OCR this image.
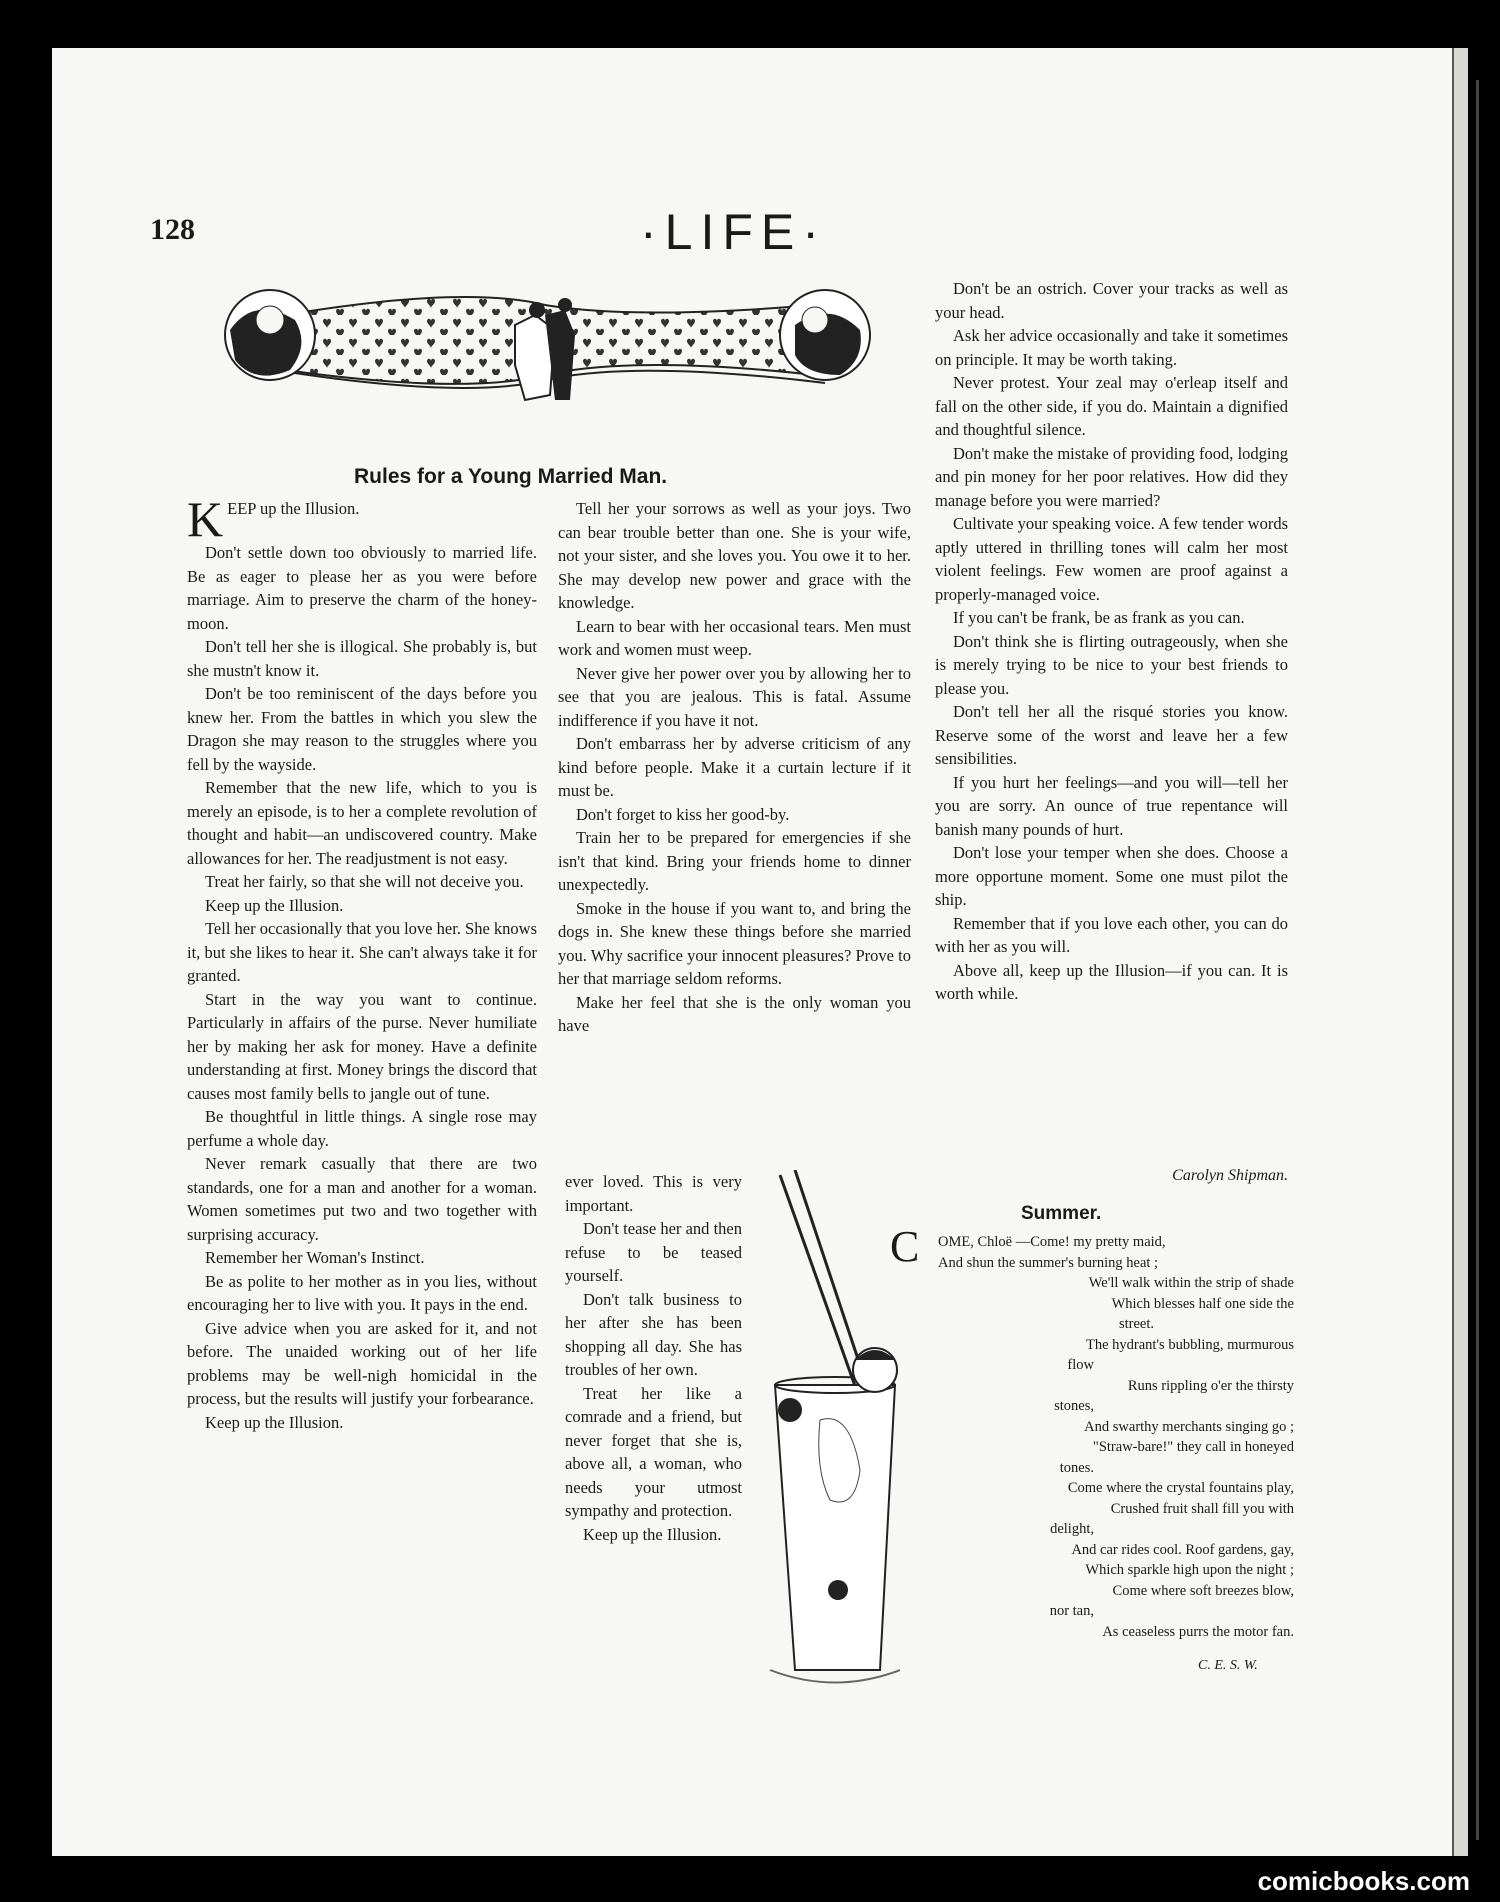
128	·LIFE·
Rules for a Young Married Man.
K EEP up the Illusion.

Don't settle down too obviously to married life. Be as eager to please her as you were before marriage. Aim to preserve the charm of the honey-moon.

Don't tell her she is illogical. She probably is, but she mustn't know it.

Don't be too reminiscent of the days before you knew her. From the battles in which you slew the Dragon she may reason to the struggles where you fell by the wayside.

Remember that the new life, which to you is merely an episode, is to her a complete revolution of thought and habit—an undiscovered country. Make allowances for her. The readjustment is not easy.

Treat her fairly, so that she will not deceive you.

Keep up the Illusion.

Tell her occasionally that you love her. She knows it, but she likes to hear it. She can't always take it for granted.

Start in the way you want to continue. Particularly in affairs of the purse. Never humiliate her by making her ask for money. Have a definite understanding at first. Money brings the discord that causes most family bells to jangle out of tune.

Be thoughtful in little things. A single rose may perfume a whole day.

Never remark casually that there are two standards, one for a man and another for a woman. Women sometimes put two and two together with surprising accuracy.

Remember her Woman's Instinct.

Be as polite to her mother as in you lies, without encouraging her to live with you. It pays in the end.

Give advice when you are asked for it, and not before. The unaided working out of her life problems may be well-nigh homicidal in the process, but the results will justify your forbearance.

Keep up the Illusion.

Tell her your sorrows as well as your joys. Two can bear trouble better than one. She is your wife, not your sister, and she loves you. You owe it to her. She may develop new power and grace with the knowledge.

Learn to bear with her occasional tears. Men must work and women must weep.

Never give her power over you by allowing her to see that you are jealous. This is fatal. Assume indifference if you have it not.

Don't embarrass her by adverse criticism of any kind before people. Make it a curtain lecture if it must be.

Don't forget to kiss her good-by.

Train her to be prepared for emergencies if she isn't that kind. Bring your friends home to dinner unexpectedly.

Smoke in the house if you want to, and bring the dogs in. She knew these things before she married you. Why sacrifice your innocent pleasures? Prove to her that marriage seldom reforms.

Make her feel that she is the only woman you have

ever loved. This is very important.

Don't tease her and then refuse to be teased yourself.

Don't talk business to her after she has been shopping all day. She has troubles of her own.

Treat her like a comrade and a friend, but never forget that she is, above all, a woman, who needs your utmost sympathy and protection.

Keep up the Illusion.

Don't be an ostrich. Cover your tracks as well as your head.

Ask her advice occasionally and take it sometimes on principle. It may be worth taking.

Never protest. Your zeal may o'erleap itself and fall on the other side, if you do. Maintain a dignified and thoughtful silence.

Don't make the mistake of providing food, lodging and pin money for her poor relatives. How did they manage before you were married?

Cultivate your speaking voice. A few tender words aptly uttered in thrilling tones will calm her most violent feelings. Few women are proof against a properly-managed voice.

If you can't be frank, be as frank as you can.

Don't think she is flirting outrageously, when she is merely trying to be nice to your best friends to please you.

Don't tell her all the risqué stories you know. Reserve some of the worst and leave her a few sensibilities.

If you hurt her feelings—and you will—tell her you are sorry. An ounce of true repentance will banish many pounds of hurt.

Don't lose your temper when she does. Choose a more opportune moment. Some one must pilot the ship.

Remember that if you love each other, you can do with her as you will.

Above all, keep up the Illusion—if you can. It is worth while.

Carolyn Shipman.
Summer.
C	OME, Chloë —Come! my pretty maid,
And shun the summer's burning heat ;
We'll walk within the strip of shade
Which blesses half one side the
street.
The hydrant's bubbling, murmurous
flow
Runs rippling o'er the thirsty
stones,
And swarthy merchants singing go ;
"Straw-bare!" they call in honeyed
tones.
Come where the crystal fountains play,
Crushed fruit shall fill you with
delight,
And car rides cool. Roof gardens, gay,
Which sparkle high upon the night ;
Come where soft breezes blow,
nor tan,
As ceaseless purrs the motor fan.
C. E. S. W.
comicbooks.com
